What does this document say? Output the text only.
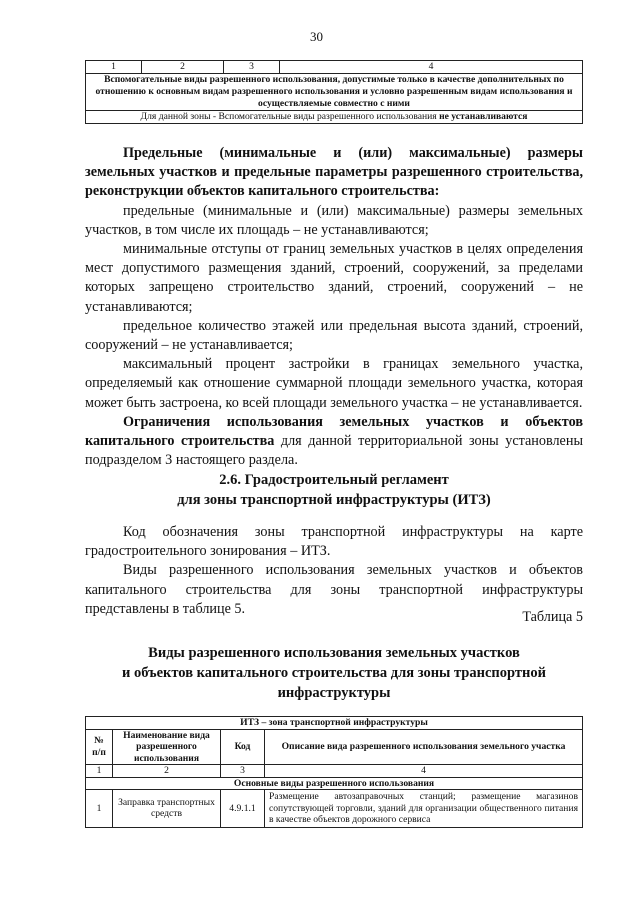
30
1	2	3	4
Вспомогательные виды разрешенного использования, допустимые только в качестве дополнительных по отношению к основным видам разрешенного использования и условно разрешенным видам использования и осуществляемые совместно с ними
Для данной зоны - Вспомогательные виды разрешенного использования не устанавливаются

Предельные (минимальные и (или) максимальные) размеры земельных участков и предельные параметры разрешенного строительства, реконструкции объектов капитального строительства:

предельные (минимальные и (или) максимальные) размеры земельных участков, в том числе их площадь – не устанавливаются;

минимальные отступы от границ земельных участков в целях определения мест допустимого размещения зданий, строений, сооружений, за пределами которых запрещено строительство зданий, строений, сооружений – не устанавливаются;

предельное количество этажей или предельная высота зданий, строений, сооружений – не устанавливается;

максимальный процент застройки в границах земельного участка, определяемый как отношение суммарной площади земельного участка, которая может быть застроена, ко всей площади земельного участка – не устанавливается.

Ограничения использования земельных участков и объектов капитального строительства для данной территориальной зоны установлены подразделом 3 настоящего раздела.

2.6. Градостроительный регламент
для зоны транспортной инфраструктуры (ИТЗ)

Код обозначения зоны транспортной инфраструктуры на карте градостроительного зонирования – ИТЗ.

Виды разрешенного использования земельных участков и объектов капитального строительства для зоны транспортной инфраструктуры представлены в таблице 5.

Таблица 5
Виды разрешенного использования земельных участков
и объектов капитального строительства для зоны транспортной
инфраструктуры
ИТЗ – зона транспортной инфраструктуры			
№ п/п	Наименование вида разрешенного использования	Код	Описание вида разрешенного использования земельного участка
1	2	3	4
Основные виды разрешенного использования			
1	Заправка транспортных средств	4.9.1.1	Размещение автозаправочных станций; размещение магазинов сопутствующей торговли, зданий для организации общественного питания в качестве объектов дорожного сервиса
